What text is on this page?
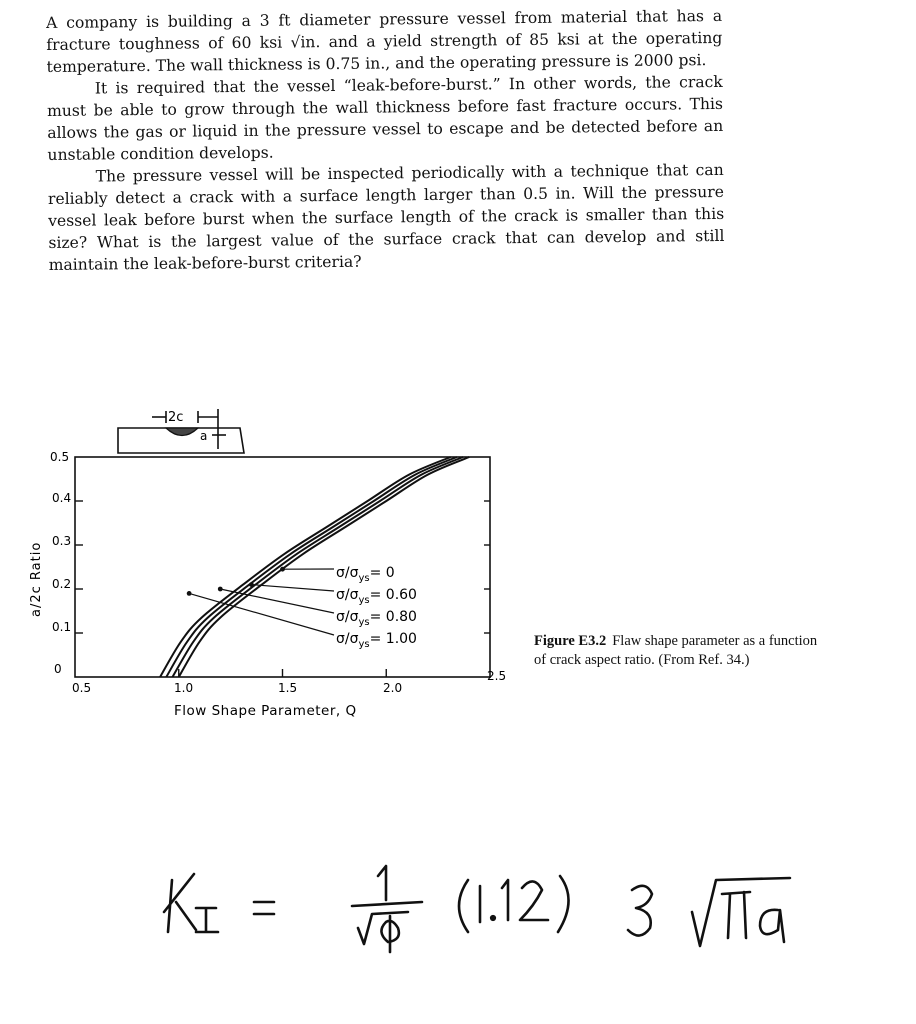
A company is building a 3 ft diameter pressure vessel from material that has a fracture toughness of 60 ksi √in. and a yield strength of 85 ksi at the operating temperature. The wall thickness is 0.75 in., and the operating pressure is 2000 psi.

It is required that the vessel “leak-before-burst.” In other words, the crack must be able to grow through the wall thickness before fast fracture occurs. This allows the gas or liquid in the pressure vessel to escape and be detected before an unstable condition develops.

The pressure vessel will be inspected periodically with a technique that can reliably detect a crack with a surface length larger than 0.5 in. Will the pressure vessel leak before burst when the surface length of the crack is smaller than this size? What is the largest value of the surface crack that can develop and still maintain the leak-before-burst criteria?

2c
a
0
0.1
0.2
0.3
0.4
0.5
0.5	1.0	1.5	2.0
2.5
Flow Shape Parameter, Q
a/2c Ratio	$\sigma/\sigma_{ys}= 0$
$\sigma/\sigma_{ys}= 0.60$
$\sigma/\sigma_{ys}= 0.80$
$\sigma/\sigma_{ys}= 1.00$	Figure E3.2 Flaw shape parameter as a function of crack aspect ratio. (From Ref. 34.)
